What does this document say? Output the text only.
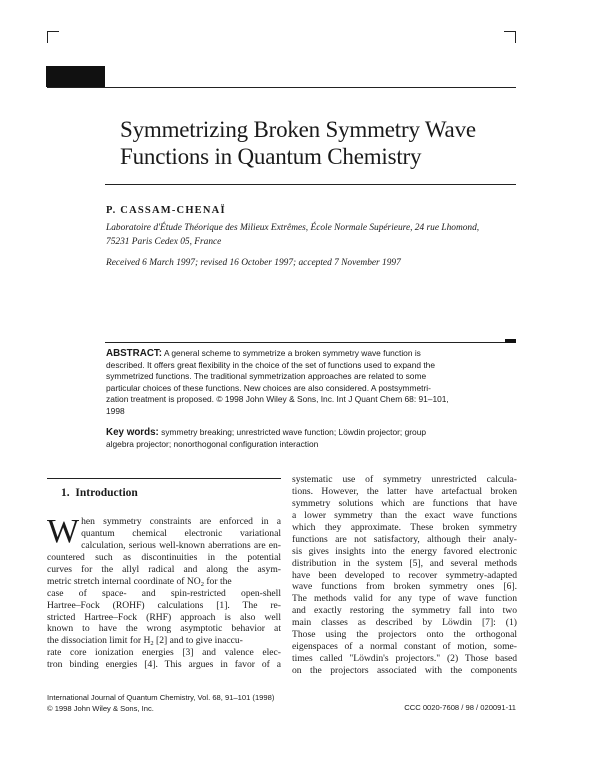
Symmetrizing Broken Symmetry Wave
Functions in Quantum Chemistry
P. CASSAM-CHENAÏ
Laboratoire d'Étude Théorique des Milieux Extrêmes, École Normale Supérieure, 24 rue Lhomond,
75231 Paris Cedex 05, France
Received 6 March 1997; revised 16 October 1997; accepted 7 November 1997
ABSTRACT: A general scheme to symmetrize a broken symmetry wave function is
described. It offers great flexibility in the choice of the set of functions used to expand the
symmetrized functions. The traditional symmetrization approaches are related to some
particular choices of these functions. New choices are also considered. A postsymmetri-
zation treatment is proposed. © 1998 John Wiley & Sons, Inc. Int J Quant Chem 68: 91–101,
1998
Key words: symmetry breaking; unrestricted wave function; Löwdin projector; group
algebra projector; nonorthogonal configuration interaction
1. Introduction
W hen symmetry constraints are enforced in a
quantum chemical electronic variational
calculation, serious well-known aberrations are en-
countered such as discontinuities in the potential
curves for the allyl radical and along the asym-
metric stretch internal coordinate of $NO_2$ for the
case of space- and spin-restricted open-shell
Hartree–Fock (ROHF) calculations [1]. The re-
stricted Hartree–Fock (RHF) approach is also well
known to have the wrong asymptotic behavior at
the dissociation limit for $H_2$ [2] and to give inaccu-
rate core ionization energies [3] and valence elec-
tron binding energies [4]. This argues in favor of a
systematic use of symmetry unrestricted calcula-
tions. However, the latter have artefactual broken
symmetry solutions which are functions that have
a lower symmetry than the exact wave functions
which they approximate. These broken symmetry
functions are not satisfactory, although their analy-
sis gives insights into the energy favored electronic
distribution in the system [5], and several methods
have been developed to recover symmetry-adapted
wave functions from broken symmetry ones [6].
The methods valid for any type of wave function
and exactly restoring the symmetry fall into two
main classes as described by Löwdin [7]: (1)
Those using the projectors onto the orthogonal
eigenspaces of a normal constant of motion, some-
times called "Löwdin's projectors." (2) Those based
on the projectors associated with the components
International Journal of Quantum Chemistry, Vol. 68, 91–101 (1998)
© 1998 John Wiley & Sons, Inc.	CCC 0020-7608 / 98 / 020091-11
